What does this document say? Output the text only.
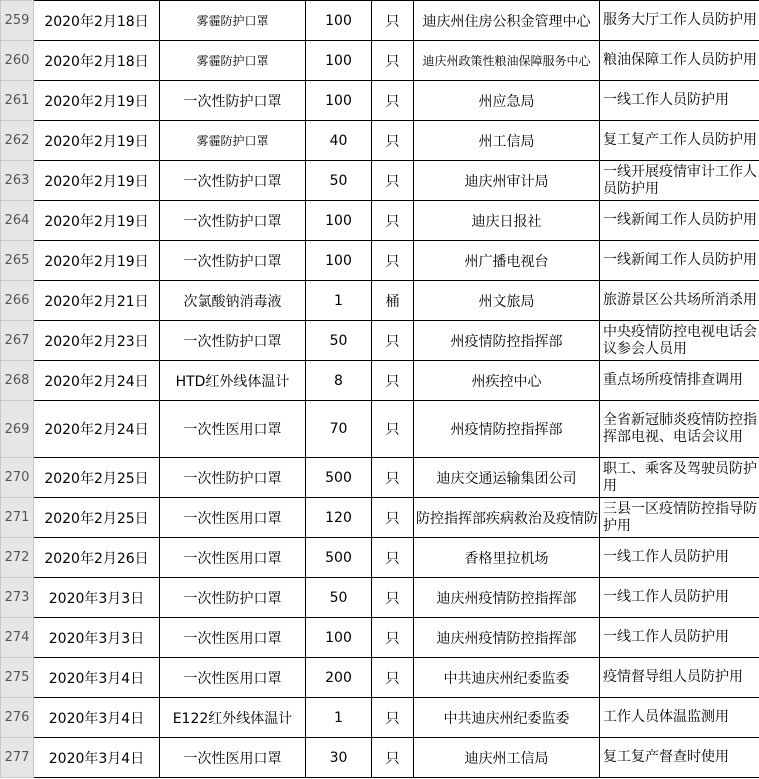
259	2020年2月18日	雾霾防护口罩	100	只	迪庆州住房公积金管理中心	服务大厅工作人员防护用
260	2020年2月18日	雾霾防护口罩	100	只	迪庆州政策性粮油保障服务中心	粮油保障工作人员防护用
261	2020年2月19日	一次性防护口罩	100	只	州应急局	一线工作人员防护用
262	2020年2月19日	雾霾防护口罩	40	只	州工信局	复工复产工作人员防护用
263	2020年2月19日	一次性防护口罩	50	只	迪庆州审计局	一线开展疫情审计工作人员防护用
264	2020年2月19日	一次性防护口罩	100	只	迪庆日报社	一线新闻工作人员防护用
265	2020年2月19日	一次性防护口罩	100	只	州广播电视台	一线新闻工作人员防护用
266	2020年2月21日	次氯酸钠消毒液	1	桶	州文旅局	旅游景区公共场所消杀用
267	2020年2月23日	一次性防护口罩	50	只	州疫情防控指挥部	中央疫情防控电视电话会议参会人员用
268	2020年2月24日	HTD红外线体温计	8	只	州疾控中心	重点场所疫情排查调用
269	2020年2月24日	一次性医用口罩	70	只	州疫情防控指挥部	全省新冠肺炎疫情防控指挥部电视、电话会议用
270	2020年2月25日	一次性防护口罩	500	只	迪庆交通运输集团公司	职工、乘客及驾驶员防护用
271	2020年2月25日	一次性医用口罩	120	只	防控指挥部疾病救治及疫情防	三县一区疫情防控指导防护用
272	2020年2月26日	一次性医用口罩	500	只	香格里拉机场	一线工作人员防护用
273	2020年3月3日	一次性防护口罩	50	只	迪庆州疫情防控指挥部	一线工作人员防护用
274	2020年3月3日	一次性医用口罩	100	只	迪庆州疫情防控指挥部	一线工作人员防护用
275	2020年3月4日	一次性医用口罩	200	只	中共迪庆州纪委监委	疫情督导组人员防护用
276	2020年3月4日	E122红外线体温计	1	只	中共迪庆州纪委监委	工作人员体温监测用
277	2020年3月4日	一次性医用口罩	30	只	迪庆州工信局	复工复产督查时使用
